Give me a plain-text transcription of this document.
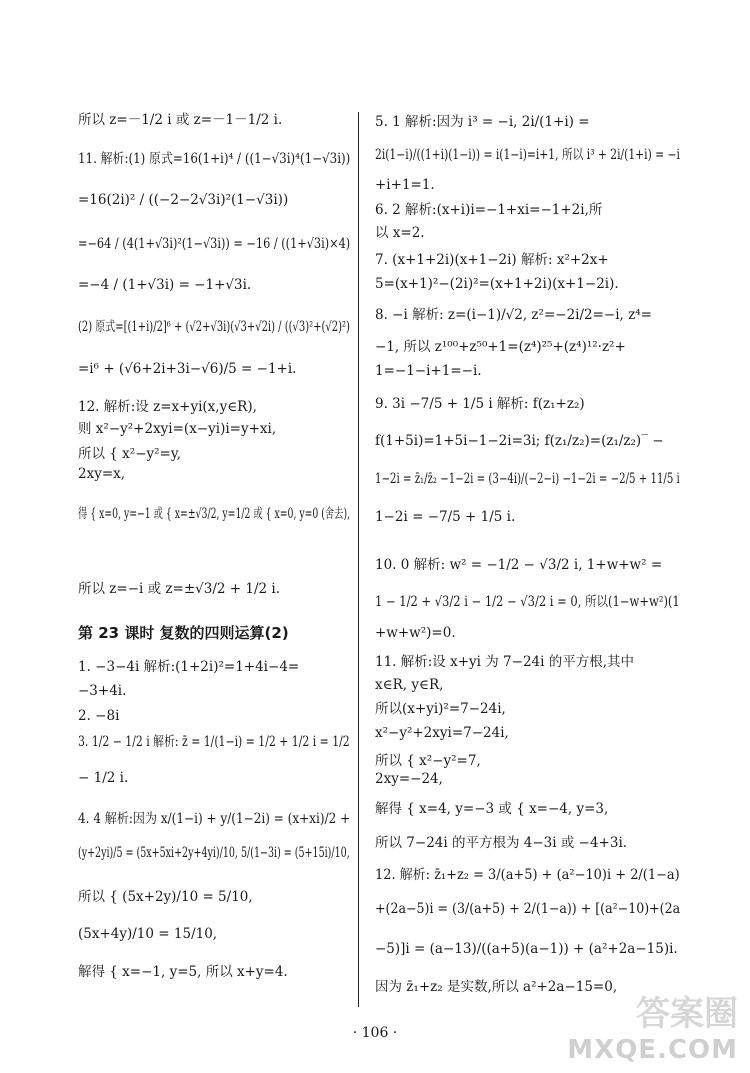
· 106 ·	答案圈
MXQE.COM
所以 z=－1/2 i 或 z=－1－1/2 i.
11. 解析:(1) 原式=16(1+i)⁴ / ((1−√3i)⁴(1−√3i))
=16(2i)² / ((−2−2√3i)²(1−√3i))
=−64 / (4(1+√3i)²(1−√3i)) = −16 / ((1+√3i)×4)
=−4 / (1+√3i) = −1+√3i.
(2) 原式=[(1+i)/2]⁶ + (√2+√3i)(√3+√2i) / ((√3)²+(√2)²)
=i⁶ + (√6+2i+3i−√6)/5 = −1+i.
12. 解析:设 z=x+yi(x,y∈R),
则 x²−y²+2xyi=(x−yi)i=y+xi,
所以 { x²−y²=y,
2xy=x,
得 { x=0, y=−1 或 { x=±√3/2, y=1/2 或 { x=0, y=0 (舍去),
所以 z=−i 或 z=±√3/2 + 1/2 i.
第 23 课时 复数的四则运算(2)
1. −3−4i 解析:(1+2i)²=1+4i−4=
−3+4i.
2. −8i
3. 1/2 − 1/2 i 解析: z̄ = 1/(1−i) = 1/2 + 1/2 i = 1/2
− 1/2 i.
4. 4 解析:因为 x/(1−i) + y/(1−2i) = (x+xi)/2 +
(y+2yi)/5 = (5x+5xi+2y+4yi)/10, 5/(1−3i) = (5+15i)/10,
所以 { (5x+2y)/10 = 5/10,
(5x+4y)/10 = 15/10,
解得 { x=−1, y=5, 所以 x+y=4.
5. 1 解析:因为 i³ = −i, 2i/(1+i) =
2i(1−i)/((1+i)(1−i)) = i(1−i)=i+1, 所以 i³ + 2i/(1+i) = −i
+i+1=1.
6. 2 解析:(x+i)i=−1+xi=−1+2i,所
以 x=2.
7. (x+1+2i)(x+1−2i) 解析: x²+2x+
5=(x+1)²−(2i)²=(x+1+2i)(x+1−2i).
8. −i 解析: z=(i−1)/√2, z²=−2i/2=−i, z⁴=
−1, 所以 z¹⁰⁰+z⁵⁰+1=(z⁴)²⁵+(z⁴)¹²·z²+
1=−1−i+1=−i.
9. 3i −7/5 + 1/5 i 解析: f(z₁+z₂)
f(1+5i)=1+5i−1−2i=3i; f(z₁/z₂)=(z₁/z₂)‾ −
1−2i = z̄₁/z̄₂ −1−2i = (3−4i)/(−2−i) −1−2i = −2/5 + 11/5 i
1−2i = −7/5 + 1/5 i.
10. 0 解析: w² = −1/2 − √3/2 i, 1+w+w² =
1 − 1/2 + √3/2 i − 1/2 − √3/2 i = 0, 所以(1−w+w²)(1
+w+w²)=0.
11. 解析:设 x+yi 为 7−24i 的平方根,其中
x∈R, y∈R,
所以(x+yi)²=7−24i,
x²−y²+2xyi=7−24i,
所以 { x²−y²=7,
2xy=−24,
解得 { x=4, y=−3 或 { x=−4, y=3,
所以 7−24i 的平方根为 4−3i 或 −4+3i.
12. 解析: z̄₁+z₂ = 3/(a+5) + (a²−10)i + 2/(1−a)
+(2a−5)i = (3/(a+5) + 2/(1−a)) + [(a²−10)+(2a
−5)]i = (a−13)/((a+5)(a−1)) + (a²+2a−15)i.
因为 z̄₁+z₂ 是实数,所以 a²+2a−15=0,
